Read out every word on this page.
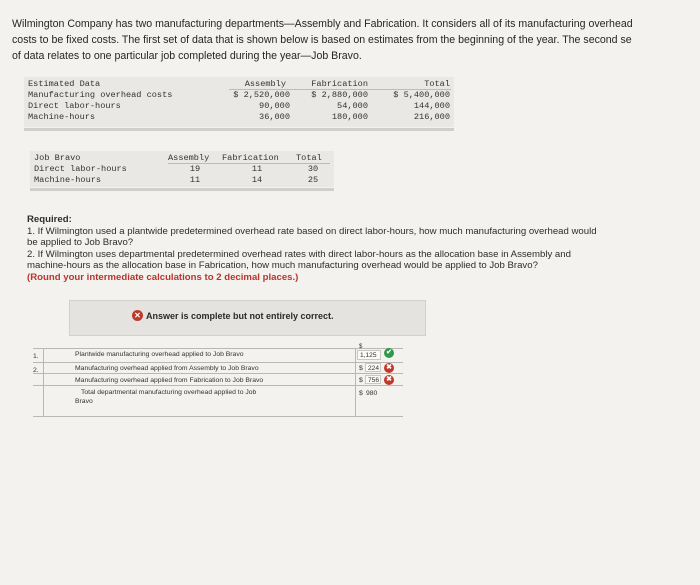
Wilmington Company has two manufacturing departments—Assembly and Fabrication. It considers all of its manufacturing overhead
costs to be fixed costs. The first set of data that is shown below is based on estimates from the beginning of the year. The second se
of data relates to one particular job completed during the year—Job Bravo.
Estimated Data	Assembly	Fabrication	Total
Manufacturing overhead costs	$ 2,520,000	$ 2,880,000	$ 5,400,000
Direct labor-hours	90,000	54,000	144,000
Machine-hours	36,000	180,000	216,000
Job Bravo	Assembly Fabrication Total
Direct labor-hours	19	11	30
Machine-hours	11	14	25
Required:
1. If Wilmington used a plantwide predetermined overhead rate based on direct labor-hours, how much manufacturing overhead would
be applied to Job Bravo?
2. If Wilmington uses departmental predetermined overhead rates with direct labor-hours as the allocation base in Assembly and
machine-hours as the allocation base in Fabrication, how much manufacturing overhead would be applied to Job Bravo?
(Round your intermediate calculations to 2 decimal places.)
✕ Answer is complete but not entirely correct.
1.	Plantwide manufacturing overhead applied to Job Bravo
$
1,125	✔
2.	Manufacturing overhead applied from Assembly to Job Bravo	$ 224 ✖
Manufacturing overhead applied from Fabrication to Job Bravo	$ 756 ✖
Total departmental manufacturing overhead applied to Job
Bravo
$ 980
